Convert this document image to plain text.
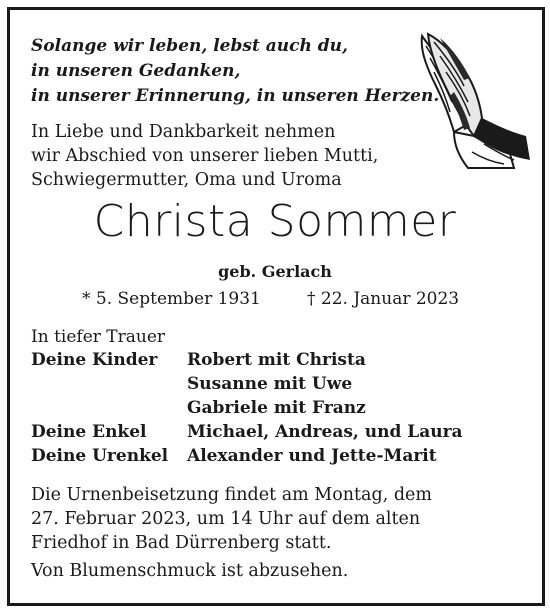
Solange wir leben, lebst auch du,
in unseren Gedanken,
in unserer Erinnerung, in unseren Herzen.
In Liebe und Dankbarkeit nehmen
wir Abschied von unserer lieben Mutti,
Schwiegermutter, Oma und Uroma
Christa Sommer
geb. Gerlach
* 5. September 1931	† 22. Januar 2023
In tiefer Trauer
Deine Kinder	Robert mit Christa
Susanne mit Uwe
Gabriele mit Franz
Deine Enkel	Michael, Andreas, und Laura
Deine Urenkel	Alexander und Jette-Marit
Die Urnenbeisetzung findet am Montag, dem
27. Februar 2023, um 14 Uhr auf dem alten
Friedhof in Bad Dürrenberg statt.
Von Blumenschmuck ist abzusehen.
